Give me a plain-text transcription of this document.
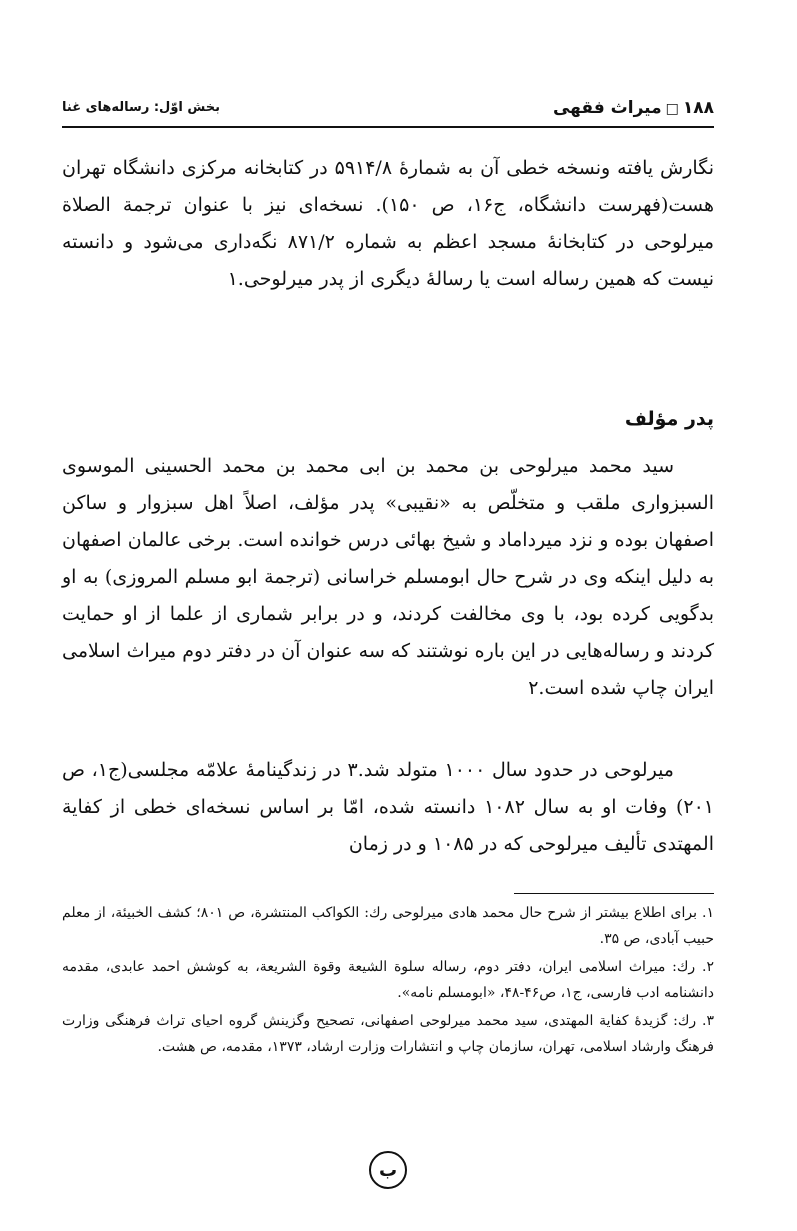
۱۸۸□میراث فقهی
بخش اوّل: رساله‌های غنا

نگارش یافته ونسخه خطی آن به شمارهٔ ۵۹۱۴/۸ در کتابخانه مرکزی دانشگاه تهران هست(فهرست دانشگاه، ج۱۶، ص ۱۵۰). نسخه‌ای نیز با عنوان ترجمة الصلاة میرلوحی در کتابخانهٔ مسجد اعظم به شماره ۸۷۱/۲ نگه‌داری می‌شود و دانسته نیست که همین رساله است یا رسالهٔ دیگری از پدر میرلوحی.۱

پدر مؤلف

سید محمد میرلوحی بن محمد بن ابی محمد بن محمد الحسینی الموسوی السبزواری ملقب و متخلّص به «نقیبی» پدر مؤلف، اصلاً اهل سبزوار و ساکن اصفهان بوده و نزد میرداماد و شیخ بهائی درس خوانده است. برخی عالمان اصفهان به دلیل اینکه وی در شرح حال ابومسلم خراسانی (ترجمة ابو مسلم المروزی) به او بدگویی کرده بود، با وی مخالفت کردند، و در برابر شماری از علما از او حمایت کردند و رساله‌هایی در این باره نوشتند که سه عنوان آن در دفتر دوم میراث اسلامی ایران چاپ شده است.۲

میرلوحی در حدود سال ۱۰۰۰ متولد شد.۳ در زندگینامهٔ علامّه مجلسی(ج۱، ص ۲۰۱) وفات او به سال ۱۰۸۲ دانسته شده، امّا بر اساس نسخه‌ای خطی از کفایة المهتدی تألیف میرلوحی که در ۱۰۸۵ و در زمان

۱. برای اطلاع بیشتر از شرح حال محمد هادی میرلوحی رك: الكواكب المنتشرة، ص ۸۰۱؛ كشف الخبيئة، از معلم حبیب آبادی، ص ۳۵.

۲. رك: میراث اسلامی ایران، دفتر دوم، رساله سلوة الشیعة وقوة الشریعة، به کوشش احمد عابدی، مقدمه دانشنامه ادب فارسی، ج۱، ص۴۶-۴۸، «ابومسلم نامه».

۳. رك: گزیدهٔ کفایة المهتدی، سید محمد میرلوحی اصفهانی، تصحیح وگزینش گروه احیای تراث فرهنگی وزارت فرهنگ وارشاد اسلامی، تهران، سازمان چاپ و انتشارات وزارت ارشاد، ۱۳۷۳، مقدمه، ص هشت.

ب
